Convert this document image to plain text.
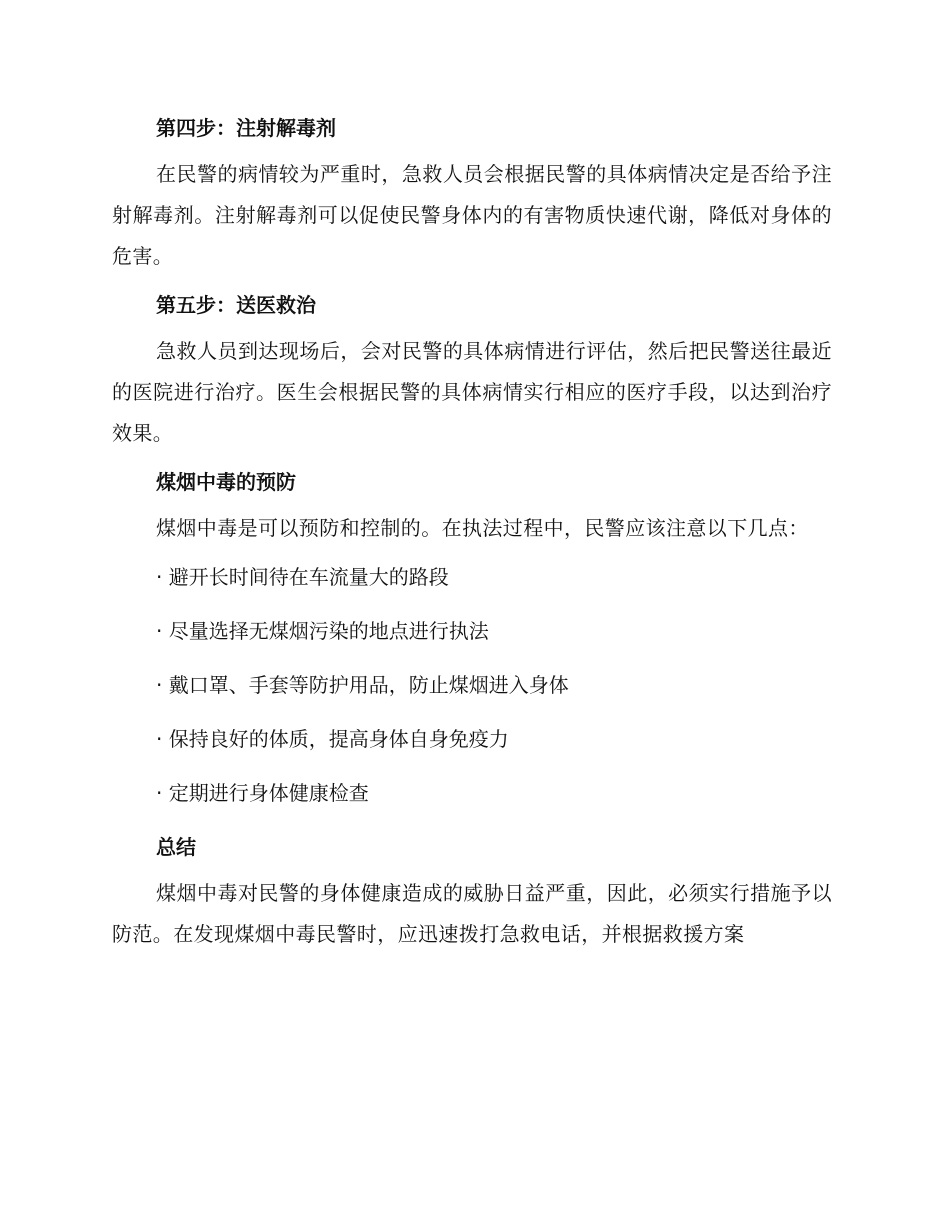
第四步：注射解毒剂

在民警的病情较为严重时，急救人员会根据民警的具体病情决定是否给予注射解毒剂。注射解毒剂可以促使民警身体内的有害物质快速代谢，降低对身体的危害。

第五步：送医救治

急救人员到达现场后，会对民警的具体病情进行评估，然后把民警送往最近的医院进行治疗。医生会根据民警的具体病情实行相应的医疗手段，以达到治疗效果。

煤烟中毒的预防

煤烟中毒是可以预防和控制的。在执法过程中，民警应该注意以下几点：

· 避开长时间待在车流量大的路段
· 尽量选择无煤烟污染的地点进行执法
· 戴口罩、手套等防护用品，防止煤烟进入身体
· 保持良好的体质，提高身体自身免疫力
· 定期进行身体健康检查
总结

煤烟中毒对民警的身体健康造成的威胁日益严重，因此，必须实行措施予以防范。在发现煤烟中毒民警时，应迅速拨打急救电话，并根据救援方案
